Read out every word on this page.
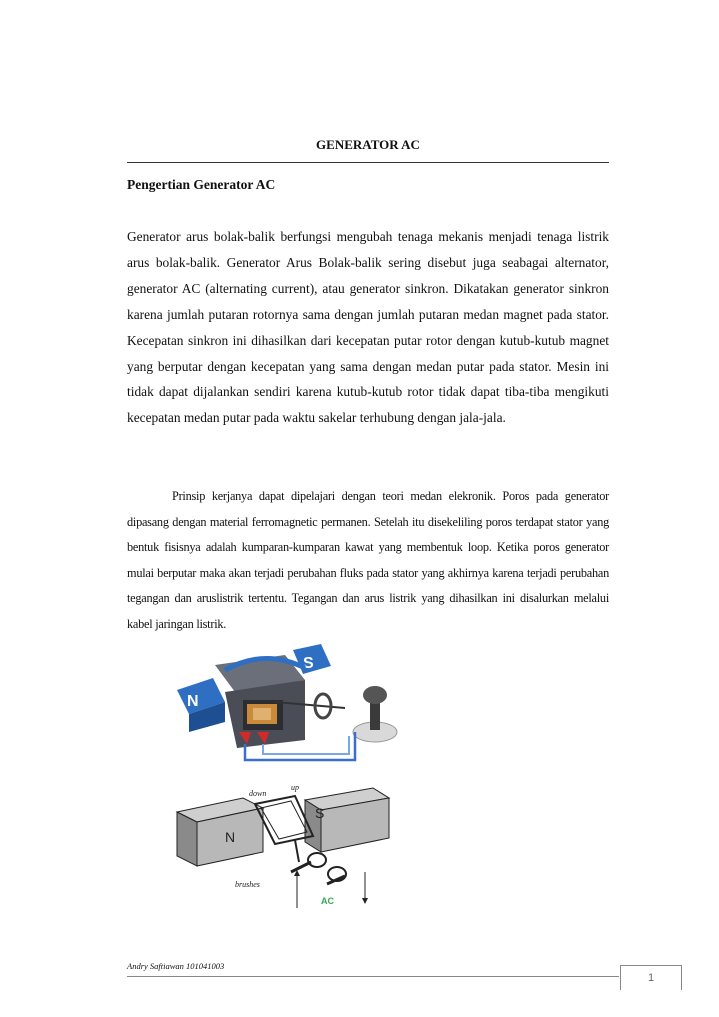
GENERATOR AC
Pengertian Generator AC

Generator arus bolak-balik berfungsi mengubah tenaga mekanis menjadi tenaga listrik arus bolak-balik. Generator Arus Bolak-balik sering disebut juga seabagai alternator, generator AC (alternating current), atau generator sinkron. Dikatakan generator sinkron karena jumlah putaran rotornya sama dengan jumlah putaran medan magnet pada stator. Kecepatan sinkron ini dihasilkan dari kecepatan putar rotor dengan kutub-kutub magnet yang berputar dengan kecepatan yang sama dengan medan putar pada stator. Mesin ini tidak dapat dijalankan sendiri karena kutub-kutub rotor tidak dapat tiba-tiba mengikuti kecepatan medan putar pada waktu sakelar terhubung dengan jala-jala.

Prinsip kerjanya dapat dipelajari dengan teori medan elekronik. Poros pada generator dipasang dengan material ferromagnetic permanen. Setelah itu disekeliling poros terdapat stator yang bentuk fisisnya adalah kumparan-kumparan kawat yang membentuk loop. Ketika poros generator mulai berputar maka akan terjadi perubahan fluks pada stator yang akhirnya karena terjadi perubahan tegangan dan aruslistrik tertentu. Tegangan dan arus listrik yang dihasilkan ini disalurkan melalui kabel jaringan listrik.

N
S
N
S
down
up
brushes
AC
Andry Saftiawan 101041003
1
